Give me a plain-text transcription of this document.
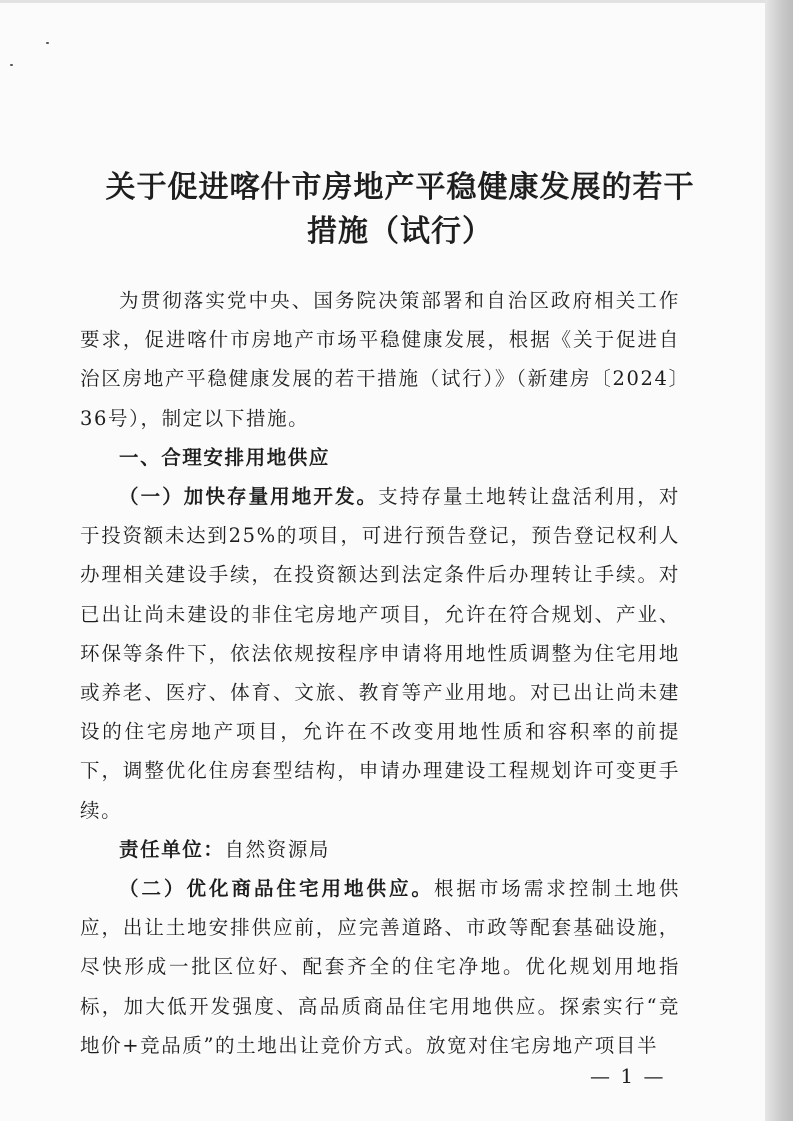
关于促进喀什市房地产平稳健康发展的若干
措施（试行）

为贯彻落实党中央、国务院决策部署和自治区政府相关工作要求，促进喀什市房地产市场平稳健康发展，根据《关于促进自治区房地产平稳健康发展的若干措施（试行）》（新建房〔2024〕36号），制定以下措施。

一、合理安排用地供应

（一）加快存量用地开发。支持存量土地转让盘活利用，对于投资额未达到25%的项目，可进行预告登记，预告登记权利人办理相关建设手续，在投资额达到法定条件后办理转让手续。对已出让尚未建设的非住宅房地产项目，允许在符合规划、产业、环保等条件下，依法依规按程序申请将用地性质调整为住宅用地或养老、医疗、体育、文旅、教育等产业用地。对已出让尚未建设的住宅房地产项目，允许在不改变用地性质和容积率的前提下，调整优化住房套型结构，申请办理建设工程规划许可变更手续。

责任单位：自然资源局

（二）优化商品住宅用地供应。根据市场需求控制土地供应，出让土地安排供应前，应完善道路、市政等配套基础设施，尽快形成一批区位好、配套齐全的住宅净地。优化规划用地指标，加大低开发强度、高品质商品住宅用地供应。探索实行“竞地价+竞品质”的土地出让竞价方式。放宽对住宅房地产项目半

— 1 —
